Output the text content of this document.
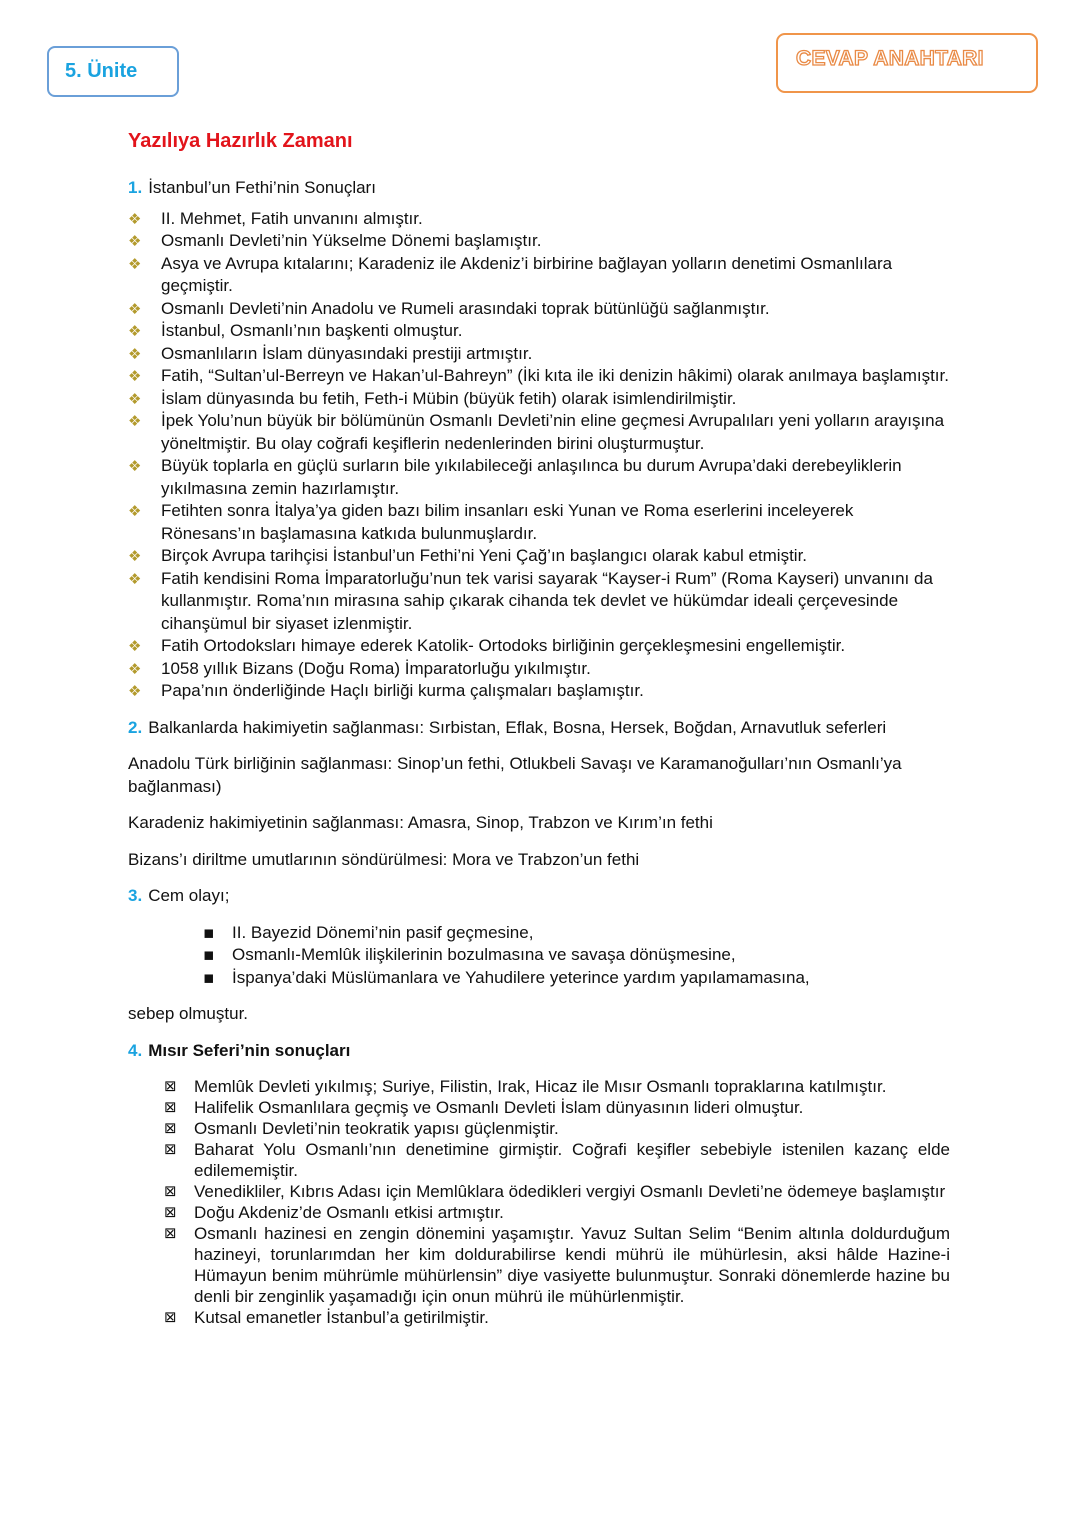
5. Ünite
CEVAP ANAHTARI
Yazılıya Hazırlık Zamanı
1. İstanbul’un Fethi’nin Sonuçları
❖ II. Mehmet, Fatih unvanını almıştır.
❖ Osmanlı Devleti’nin Yükselme Dönemi başlamıştır.
❖ Asya ve Avrupa kıtalarını; Karadeniz ile Akdeniz’i birbirine bağlayan yolların denetimi Osmanlılara geçmiştir.
❖ Osmanlı Devleti’nin Anadolu ve Rumeli arasındaki toprak bütünlüğü sağlanmıştır.
❖ İstanbul, Osmanlı’nın başkenti olmuştur.
❖ Osmanlıların İslam dünyasındaki prestiji artmıştır.
❖ Fatih, “Sultan’ul-Berreyn ve Hakan’ul-Bahreyn” (İki kıta ile iki denizin hâkimi) olarak anılmaya başlamıştır.
❖ İslam dünyasında bu fetih, Feth-i Mübin (büyük fetih) olarak isimlendirilmiştir.
❖ İpek Yolu’nun büyük bir bölümünün Osmanlı Devleti’nin eline geçmesi Avrupalıları yeni yolların arayışına yöneltmiştir. Bu olay coğrafi keşiflerin nedenlerinden birini oluşturmuştur.
❖ Büyük toplarla en güçlü surların bile yıkılabileceği anlaşılınca bu durum Avrupa’daki derebeyliklerin yıkılmasına zemin hazırlamıştır.
❖ Fetihten sonra İtalya’ya giden bazı bilim insanları eski Yunan ve Roma eserlerini inceleyerek Rönesans’ın başlamasına katkıda bulunmuşlardır.
❖ Birçok Avrupa tarihçisi İstanbul’un Fethi’ni Yeni Çağ’ın başlangıcı olarak kabul etmiştir.
❖ Fatih kendisini Roma İmparatorluğu’nun tek varisi sayarak “Kayser-i Rum” (Roma Kayseri) unvanını da kullanmıştır. Roma’nın mirasına sahip çıkarak cihanda tek devlet ve hükümdar ideali çerçevesinde cihanşümul bir siyaset izlenmiştir.
❖ Fatih Ortodoksları himaye ederek Katolik- Ortodoks birliğinin gerçekleşmesini engellemiştir.
❖ 1058 yıllık Bizans (Doğu Roma) İmparatorluğu yıkılmıştır.
❖ Papa’nın önderliğinde Haçlı birliği kurma çalışmaları başlamıştır.
2. Balkanlarda hakimiyetin sağlanması: Sırbistan, Eflak, Bosna, Hersek, Boğdan, Arnavutluk seferleri

Anadolu Türk birliğinin sağlanması: Sinop’un fethi, Otlukbeli Savaşı ve Karamanoğulları’nın Osmanlı’ya bağlanması)

Karadeniz hakimiyetinin sağlanması: Amasra, Sinop, Trabzon ve Kırım’ın fethi

Bizans’ı diriltme umutlarının söndürülmesi: Mora ve Trabzon’un fethi

3. Cem olayı;
▪ II. Bayezid Dönemi’nin pasif geçmesine,
▪ Osmanlı-Memlûk ilişkilerinin bozulmasına ve savaşa dönüşmesine,
▪ İspanya’daki Müslümanlara ve Yahudilere yeterince yardım yapılamamasına,

sebep olmuştur.

4. Mısır Seferi’nin sonuçları
⊠ Memlûk Devleti yıkılmış; Suriye, Filistin, Irak, Hicaz ile Mısır Osmanlı topraklarına katılmıştır.
⊠ Halifelik Osmanlılara geçmiş ve Osmanlı Devleti İslam dünyasının lideri olmuştur.
⊠ Osmanlı Devleti’nin teokratik yapısı güçlenmiştir.
⊠ Baharat Yolu Osmanlı’nın denetimine girmiştir. Coğrafi keşifler sebebiyle istenilen kazanç elde edilememiştir.
⊠ Venedikliler, Kıbrıs Adası için Memlûklara ödedikleri vergiyi Osmanlı Devleti’ne ödemeye başlamıştır
⊠ Doğu Akdeniz’de Osmanlı etkisi artmıştır.
⊠ Osmanlı hazinesi en zengin dönemini yaşamıştır. Yavuz Sultan Selim “Benim altınla doldurduğum hazineyi, torunlarımdan her kim doldurabilirse kendi mührü ile mühürlesin, aksi hâlde Hazine-i Hümayun benim mührümle mühürlensin” diye vasiyette bulunmuştur. Sonraki dönemlerde hazine bu denli bir zenginlik yaşamadığı için onun mührü ile mühürlenmiştir.
⊠ Kutsal emanetler İstanbul’a getirilmiştir.
